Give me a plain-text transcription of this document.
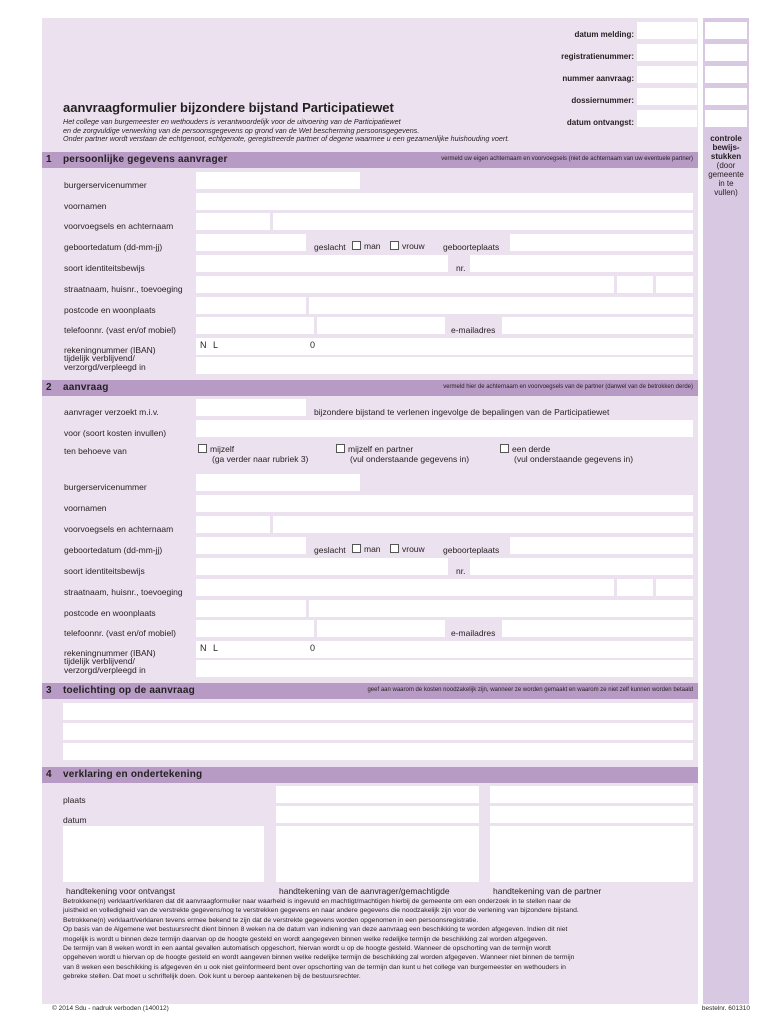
controle
bewijs-
stukken
(door
gemeente
in te
vullen)
datum melding:
registratienummer:
nummer aanvraag:
dossiernummer:
datum ontvangst:
aanvraagformulier bijzondere bijstand Participatiewet
Het college van burgemeester en wethouders is verantwoordelijk voor de uitvoering van de Participatiewet
en de zorgvuldige verwerking van de persoonsgegevens op grond van de Wet bescherming persoonsgegevens.
Onder partner wordt verstaan de echtgenoot, echtgenote, geregistreerde partner of degene waarmee u een gezamenlijke huishouding voert.
1 persoonlijke gegevens aanvrager	vermeld uw eigen achternaam en voorvoegsels (niet de achternaam van uw eventuele partner)
burgerservicenummer
voornamen
voorvoegsels en achternaam
geboortedatum (dd-mm-jj)	geslacht	man	vrouw geboorteplaats
soort identiteitsbewijs	nr.
straatnaam, huisnr., toevoeging
postcode en woonplaats
telefoonnr. (vast en/of mobiel)	e-mailadres
rekeningnummer (IBAN)	N L	0
tijdelijk verblijvend/
verzorgd/verpleegd in
2 aanvraag	vermeld hier de achternaam en voorvoegsels van de partner (danwel van de betrokken derde)
aanvrager verzoekt m.i.v.	bijzondere bijstand te verlenen ingevolge de bepalingen van de Participatiewet
voor (soort kosten invullen)
ten behoeve van	mijzelf
(ga verder naar rubriek 3)
mijzelf en partner
(vul onderstaande gegevens in)
een derde
(vul onderstaande gegevens in)
burgerservicenummer
voornamen
voorvoegsels en achternaam
geboortedatum (dd-mm-jj)	geslacht	man	vrouw geboorteplaats
soort identiteitsbewijs	nr.
straatnaam, huisnr., toevoeging
postcode en woonplaats
telefoonnr. (vast en/of mobiel)	e-mailadres
rekeningnummer (IBAN)	N L	0
tijdelijk verblijvend/
verzorgd/verpleegd in
3 toelichting op de aanvraag	geef aan waarom de kosten noodzakelijk zijn, wanneer ze worden gemaakt en waarom ze niet zelf kunnen worden betaald
4 verklaring en ondertekening
plaats
datum
handtekening voor ontvangst	handtekening van de aanvrager/gemachtigde	handtekening van de partner
Betrokkene(n) verklaart/verklaren dat dit aanvraagformulier naar waarheid is ingevuld en machtigt/machtigen hierbij de gemeente om een onderzoek in te stellen naar de
juistheid en volledigheid van de verstrekte gegevens/nog te verstrekken gegevens en naar andere gegevens die noodzakelijk zijn voor de verlening van bijzondere bijstand.
Betrokkene(n) verklaart/verklaren tevens ermee bekend te zijn dat de verstrekte gegevens worden opgenomen in een persoonsregistratie.
Op basis van de Algemene wet bestuursrecht dient binnen 8 weken na de datum van indiening van deze aanvraag een beschikking te worden afgegeven. Indien dit niet
mogelijk is wordt u binnen deze termijn daarvan op de hoogte gesteld en wordt aangegeven binnen welke redelijke termijn de beschikking zal worden afgegeven.
De termijn van 8 weken wordt in een aantal gevallen automatisch opgeschort, hiervan wordt u op de hoogte gesteld. Wanneer de opschorting van de termijn wordt
opgeheven wordt u hiervan op de hoogte gesteld en wordt aangeven binnen welke redelijke termijn de beschikking zal worden afgegeven. Wanneer niet binnen de termijn
van 8 weken een beschikking is afgegeven én u ook niet geïnformeerd bent over opschorting van de termijn dan kunt u het college van burgemeester en wethouders in
gebreke stellen. Dat moet u schriftelijk doen. Ook kunt u beroep aantekenen bij de bestuursrechter.
© 2014 Sdu - nadruk verboden (140012)	bestelnr. 601310
